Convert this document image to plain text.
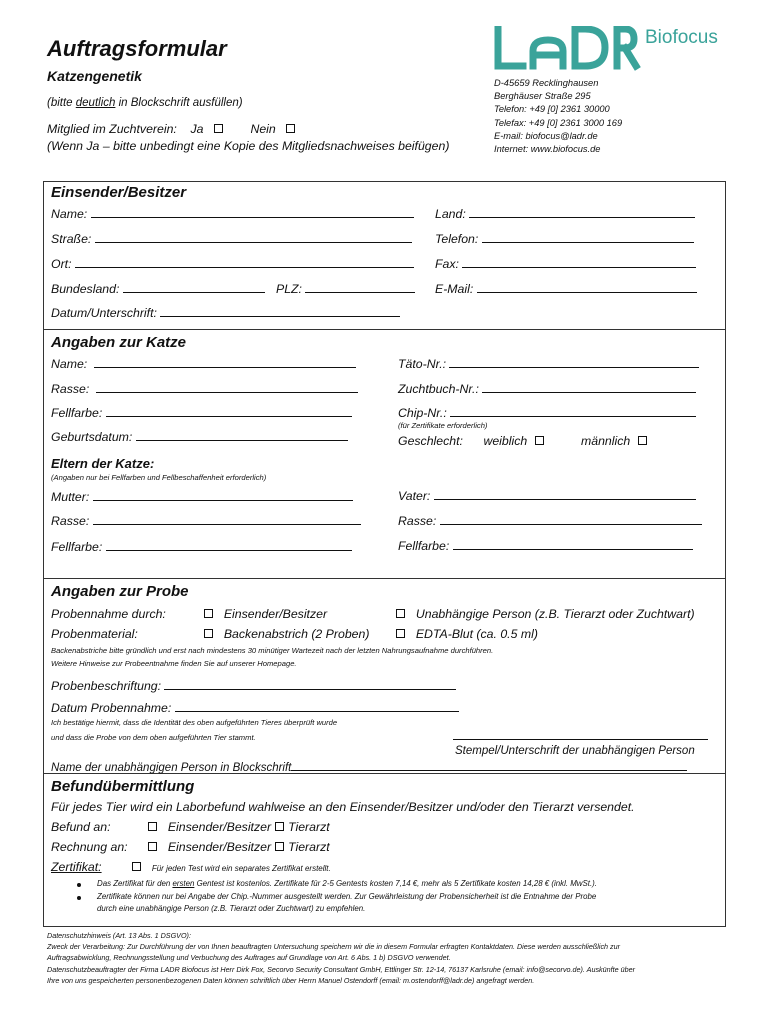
Auftragsformular
Katzengenetik
(bitte deutlich in Blockschrift ausfüllen)
Mitglied im Zuchtverein: Ja	Nein
(Wenn Ja – bitte unbedingt eine Kopie des Mitgliedsnachweises beifügen)
Biofocus
D-45659 Recklinghausen
Berghäuser Straße 295
Telefon: +49 [0] 2361 30000
Telefax: +49 [0] 2361 3000 169
E-mail: biofocus@ladr.de
Internet: www.biofocus.de
Einsender/Besitzer
Name:	Land:
Straße:	Telefon:
Ort:	Fax:
Bundesland:	PLZ:	E-Mail:
Datum/Unterschrift:
Angaben zur Katze
Name:	Täto-Nr.:
Rasse:	Zuchtbuch-Nr.:
Fellfarbe:	Chip-Nr.:
(für Zertifikate erforderlich)
Geburtsdatum:	Geschlecht: weiblich	männlich
Eltern der Katze:
(Angaben nur bei Fellfarben und Fellbeschaffenheit erforderlich)
Mutter:	Vater:
Rasse:	Rasse:
Fellfarbe:	Fellfarbe:
Angaben zur Probe
Probennahme durch:	Einsender/Besitzer	Unabhängige Person (z.B. Tierarzt oder Zuchtwart)
Probenmaterial:	Backenabstrich (2 Proben)	EDTA-Blut (ca. 0.5 ml)
Backenabstriche bitte gründlich und erst nach mindestens 30 minütiger Wartezeit nach der letzten Nahrungsaufnahme durchführen.
Weitere Hinweise zur Probeentnahme finden Sie auf unserer Homepage.
Probenbeschriftung:
Datum Probennahme:
Ich bestätige hiermit, dass die Identität des oben aufgeführten Tieres überprüft wurde
und dass die Probe von dem oben aufgeführten Tier stammt.
Stempel/Unterschrift der unabhängigen Person
Name der unabhängigen Person in Blockschrift
Befundübermittlung
Für jedes Tier wird ein Laborbefund wahlweise an den Einsender/Besitzer und/oder den Tierarzt versendet.
Befund an:	Einsender/Besitzer Tierarzt
Rechnung an:	Einsender/Besitzer Tierarzt
Zertifikat:	Für jeden Test wird ein separates Zertifikat erstellt.
Das Zertifikat für den ersten Gentest ist kostenlos. Zertifikate für 2-5 Gentests kosten 7,14 €, mehr als 5 Zertifikate kosten 14,28 € (inkl. MwSt.).
Zertifikate können nur bei Angabe der Chip.-Nummer ausgestellt werden. Zur Gewährleistung der Probensicherheit ist die Entnahme der Probe
durch eine unabhängige Person (z.B. Tierarzt oder Zuchtwart) zu empfehlen.
Datenschutzhinweis (Art. 13 Abs. 1 DSGVO):
Zweck der Verarbeitung: Zur Durchführung der von Ihnen beauftragten Untersuchung speichern wir die in diesem Formular erfragten Kontaktdaten. Diese werden ausschließlich zur
Auftragsabwicklung, Rechnungsstellung und Verbuchung des Auftrages auf Grundlage von Art. 6 Abs. 1 b) DSGVO verwendet.
Datenschutzbeauftragter der Firma LADR Biofocus ist Herr Dirk Fox, Secorvo Security Consultant GmbH, Ettlinger Str. 12-14, 76137 Karlsruhe (email: info@secorvo.de). Auskünfte über
Ihre von uns gespeicherten personenbezogenen Daten können schriftlich über Herrn Manuel Ostendorff (email: m.ostendorff@ladr.de) angefragt werden.
